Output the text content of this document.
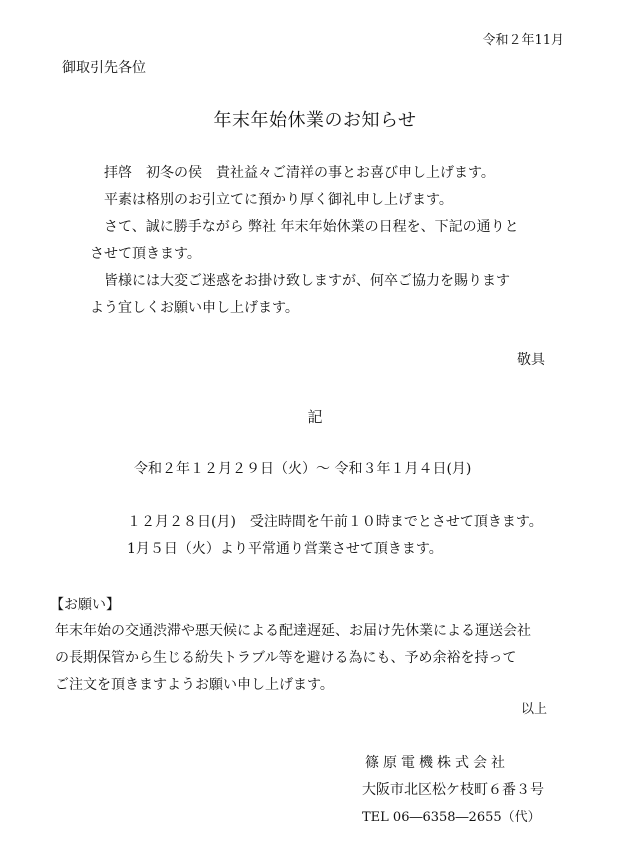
令和２年11月
御取引先各位
年末年始休業のお知らせ
拝啓　初冬の侯　貴社益々ご清祥の事とお喜び申し上げます。
平素は格別のお引立てに預かり厚く御礼申し上げます。
さて、誠に勝手ながら 弊社 年末年始休業の日程を、下記の通りと
させて頂きます。
皆様には大変ご迷惑をお掛け致しますが、何卒ご協力を賜ります
よう宜しくお願い申し上げます。
敬具
記
令和２年１２月２９日（火）～ 令和３年１月４日(月)
１２月２８日(月)　受注時間を午前１０時までとさせて頂きます。
1月５日（火）より平常通り営業させて頂きます。
【お願い】
年末年始の交通渋滞や悪天候による配達遅延、お届け先休業による運送会社
の長期保管から生じる紛失トラブル等を避ける為にも、予め余裕を持って
ご注文を頂きますようお願い申し上げます。
以上
篠原電機株式会社
大阪市北区松ケ枝町６番３号
TEL 06―6358―2655（代）
